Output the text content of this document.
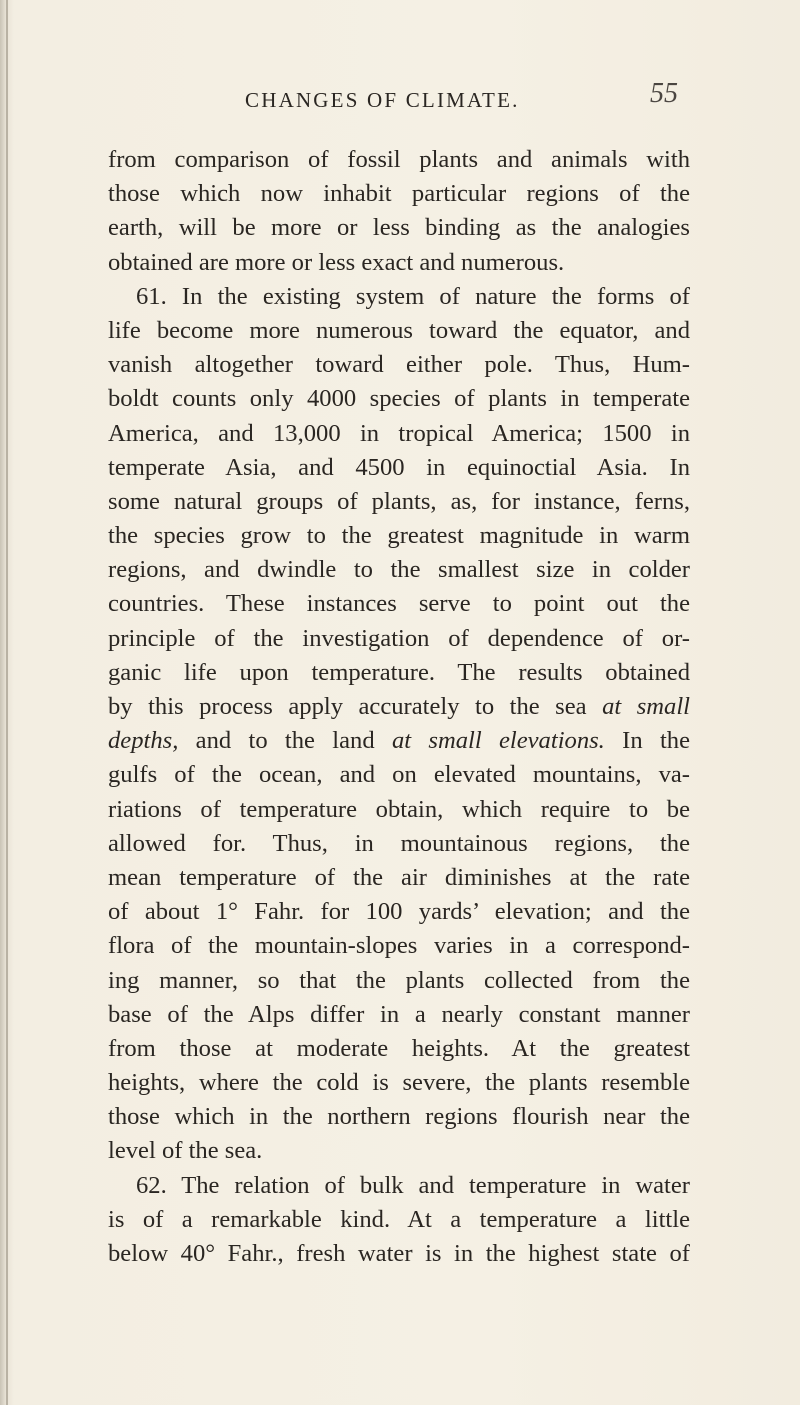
CHANGES OF CLIMATE.	55
from comparison of fossil plants and animals with
those which now inhabit particular regions of the
earth, will be more or less binding as the analogies
obtained are more or less exact and numerous.
61. In the existing system of nature the forms of
life become more numerous toward the equator, and
vanish altogether toward either pole. Thus, Hum-
boldt counts only 4000 species of plants in temperate
America, and 13,000 in tropical America; 1500 in
temperate Asia, and 4500 in equinoctial Asia. In
some natural groups of plants, as, for instance, ferns,
the species grow to the greatest magnitude in warm
regions, and dwindle to the smallest size in colder
countries. These instances serve to point out the
principle of the investigation of dependence of or-
ganic life upon temperature. The results obtained
by this process apply accurately to the sea at small
depths, and to the land at small elevations. In the
gulfs of the ocean, and on elevated mountains, va-
riations of temperature obtain, which require to be
allowed for. Thus, in mountainous regions, the
mean temperature of the air diminishes at the rate
of about 1° Fahr. for 100 yards’ elevation; and the
flora of the mountain-slopes varies in a correspond-
ing manner, so that the plants collected from the
base of the Alps differ in a nearly constant manner
from those at moderate heights. At the greatest
heights, where the cold is severe, the plants resemble
those which in the northern regions flourish near the
level of the sea.
62. The relation of bulk and temperature in water
is of a remarkable kind. At a temperature a little
below 40° Fahr., fresh water is in the highest state of
